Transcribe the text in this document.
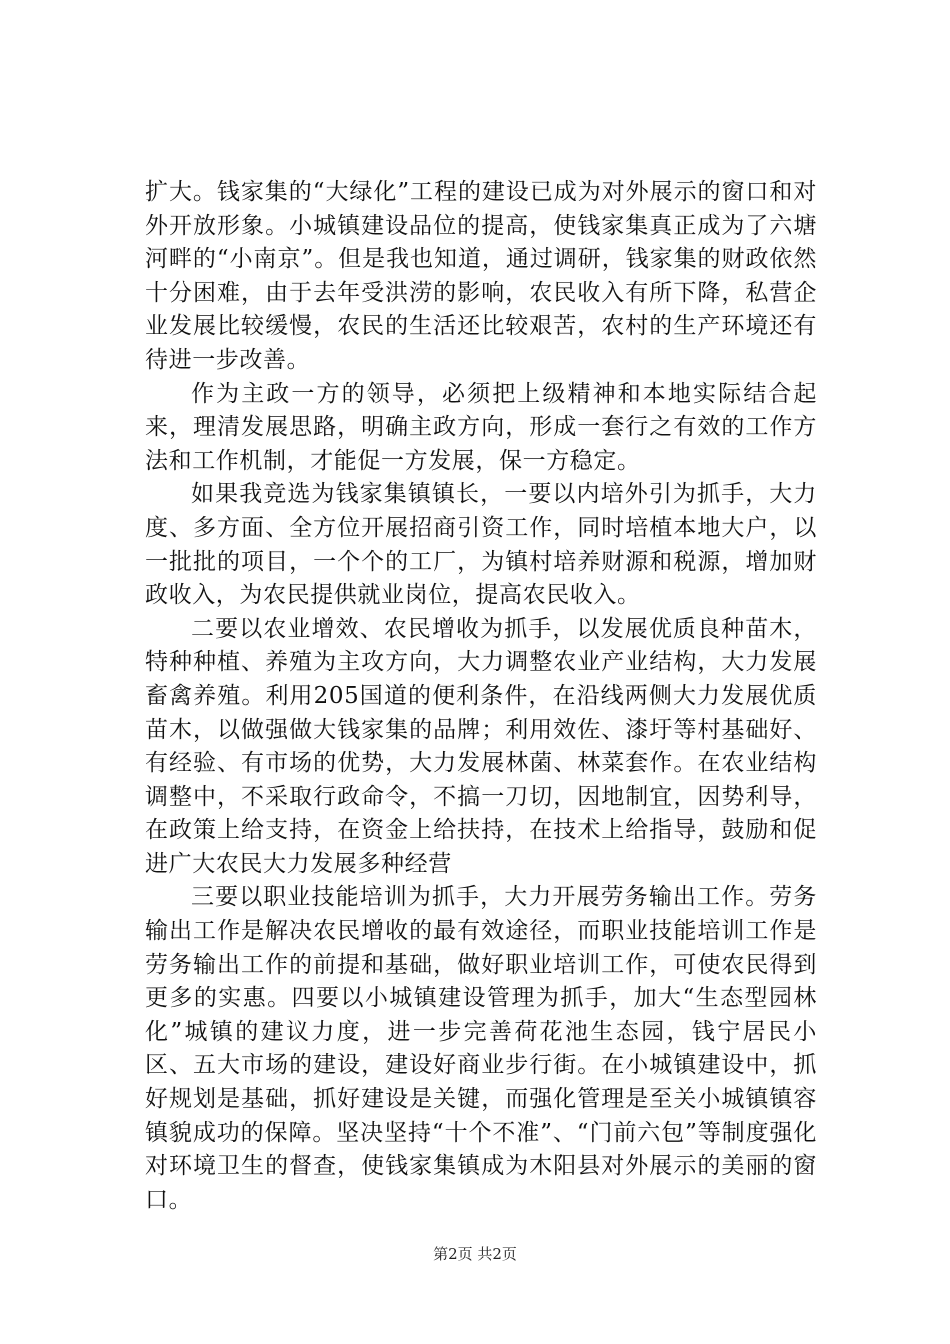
扩大。钱家集的“大绿化”工程的建设已成为对外展示的窗口和对外开放形象。小城镇建设品位的提高，使钱家集真正成为了六塘河畔的“小南京”。但是我也知道，通过调研，钱家集的财政依然十分困难，由于去年受洪涝的影响，农民收入有所下降，私营企业发展比较缓慢，农民的生活还比较艰苦，农村的生产环境还有待进一步改善。

作为主政一方的领导，必须把上级精神和本地实际结合起来，理清发展思路，明确主政方向，形成一套行之有效的工作方法和工作机制，才能促一方发展，保一方稳定。

如果我竞选为钱家集镇镇长，一要以内培外引为抓手，大力度、多方面、全方位开展招商引资工作，同时培植本地大户，以一批批的项目，一个个的工厂，为镇村培养财源和税源，增加财政收入，为农民提供就业岗位，提高农民收入。

二要以农业增效、农民增收为抓手，以发展优质良种苗木，特种种植、养殖为主攻方向，大力调整农业产业结构，大力发展畜禽养殖。利用205国道的便利条件，在沿线两侧大力发展优质苗木，以做强做大钱家集的品牌；利用效佐、漆圩等村基础好、有经验、有市场的优势，大力发展林菌、林菜套作。在农业结构调整中，不采取行政命令，不搞一刀切，因地制宜，因势利导，在政策上给支持，在资金上给扶持，在技术上给指导，鼓励和促进广大农民大力发展多种经营

三要以职业技能培训为抓手，大力开展劳务输出工作。劳务输出工作是解决农民增收的最有效途径，而职业技能培训工作是劳务输出工作的前提和基础，做好职业培训工作，可使农民得到更多的实惠。四要以小城镇建设管理为抓手，加大“生态型园林化”城镇的建议力度，进一步完善荷花池生态园，钱宁居民小区、五大市场的建设，建设好商业步行街。在小城镇建设中，抓好规划是基础，抓好建设是关键，而强化管理是至关小城镇镇容镇貌成功的保障。坚决坚持“十个不准”、“门前六包”等制度强化对环境卫生的督查，使钱家集镇成为木阳县对外展示的美丽的窗口。

第2页 共2页
